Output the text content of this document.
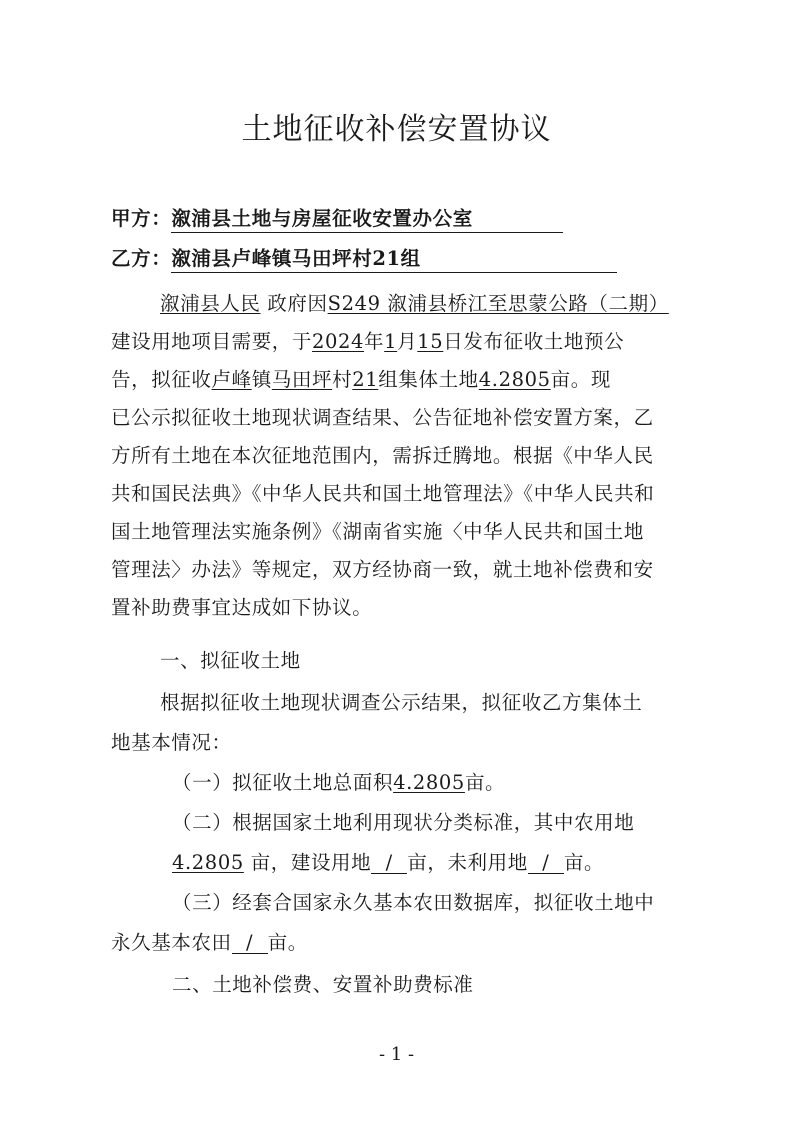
土地征收补偿安置协议
甲方：溆浦县土地与房屋征收安置办公室
乙方：溆浦县卢峰镇马田坪村21组
溆浦县人民 政府因S249 溆浦县桥江至思蒙公路（二期）
建设用地项目需要，于2024年1月15日发布征收土地预公
告，拟征收卢峰镇马田坪村21组集体土地4.2805亩。现
已公示拟征收土地现状调查结果、公告征地补偿安置方案，乙
方所有土地在本次征地范围内，需拆迁腾地。根据《中华人民
共和国民法典》《中华人民共和国土地管理法》《中华人民共和
国土地管理法实施条例》《湖南省实施〈中华人民共和国土地
管理法〉办法》等规定，双方经协商一致，就土地补偿费和安
置补助费事宜达成如下协议。
一、拟征收土地
根据拟征收土地现状调查公示结果，拟征收乙方集体土
地基本情况：
（一）拟征收土地总面积4.2805亩。
（二）根据国家土地利用现状分类标准，其中农用地
4.2805 亩，建设用地 / 亩，未利用地 / 亩。
（三）经套合国家永久基本农田数据库，拟征收土地中
永久基本农田 / 亩。
二、土地补偿费、安置补助费标准
- 1 -
